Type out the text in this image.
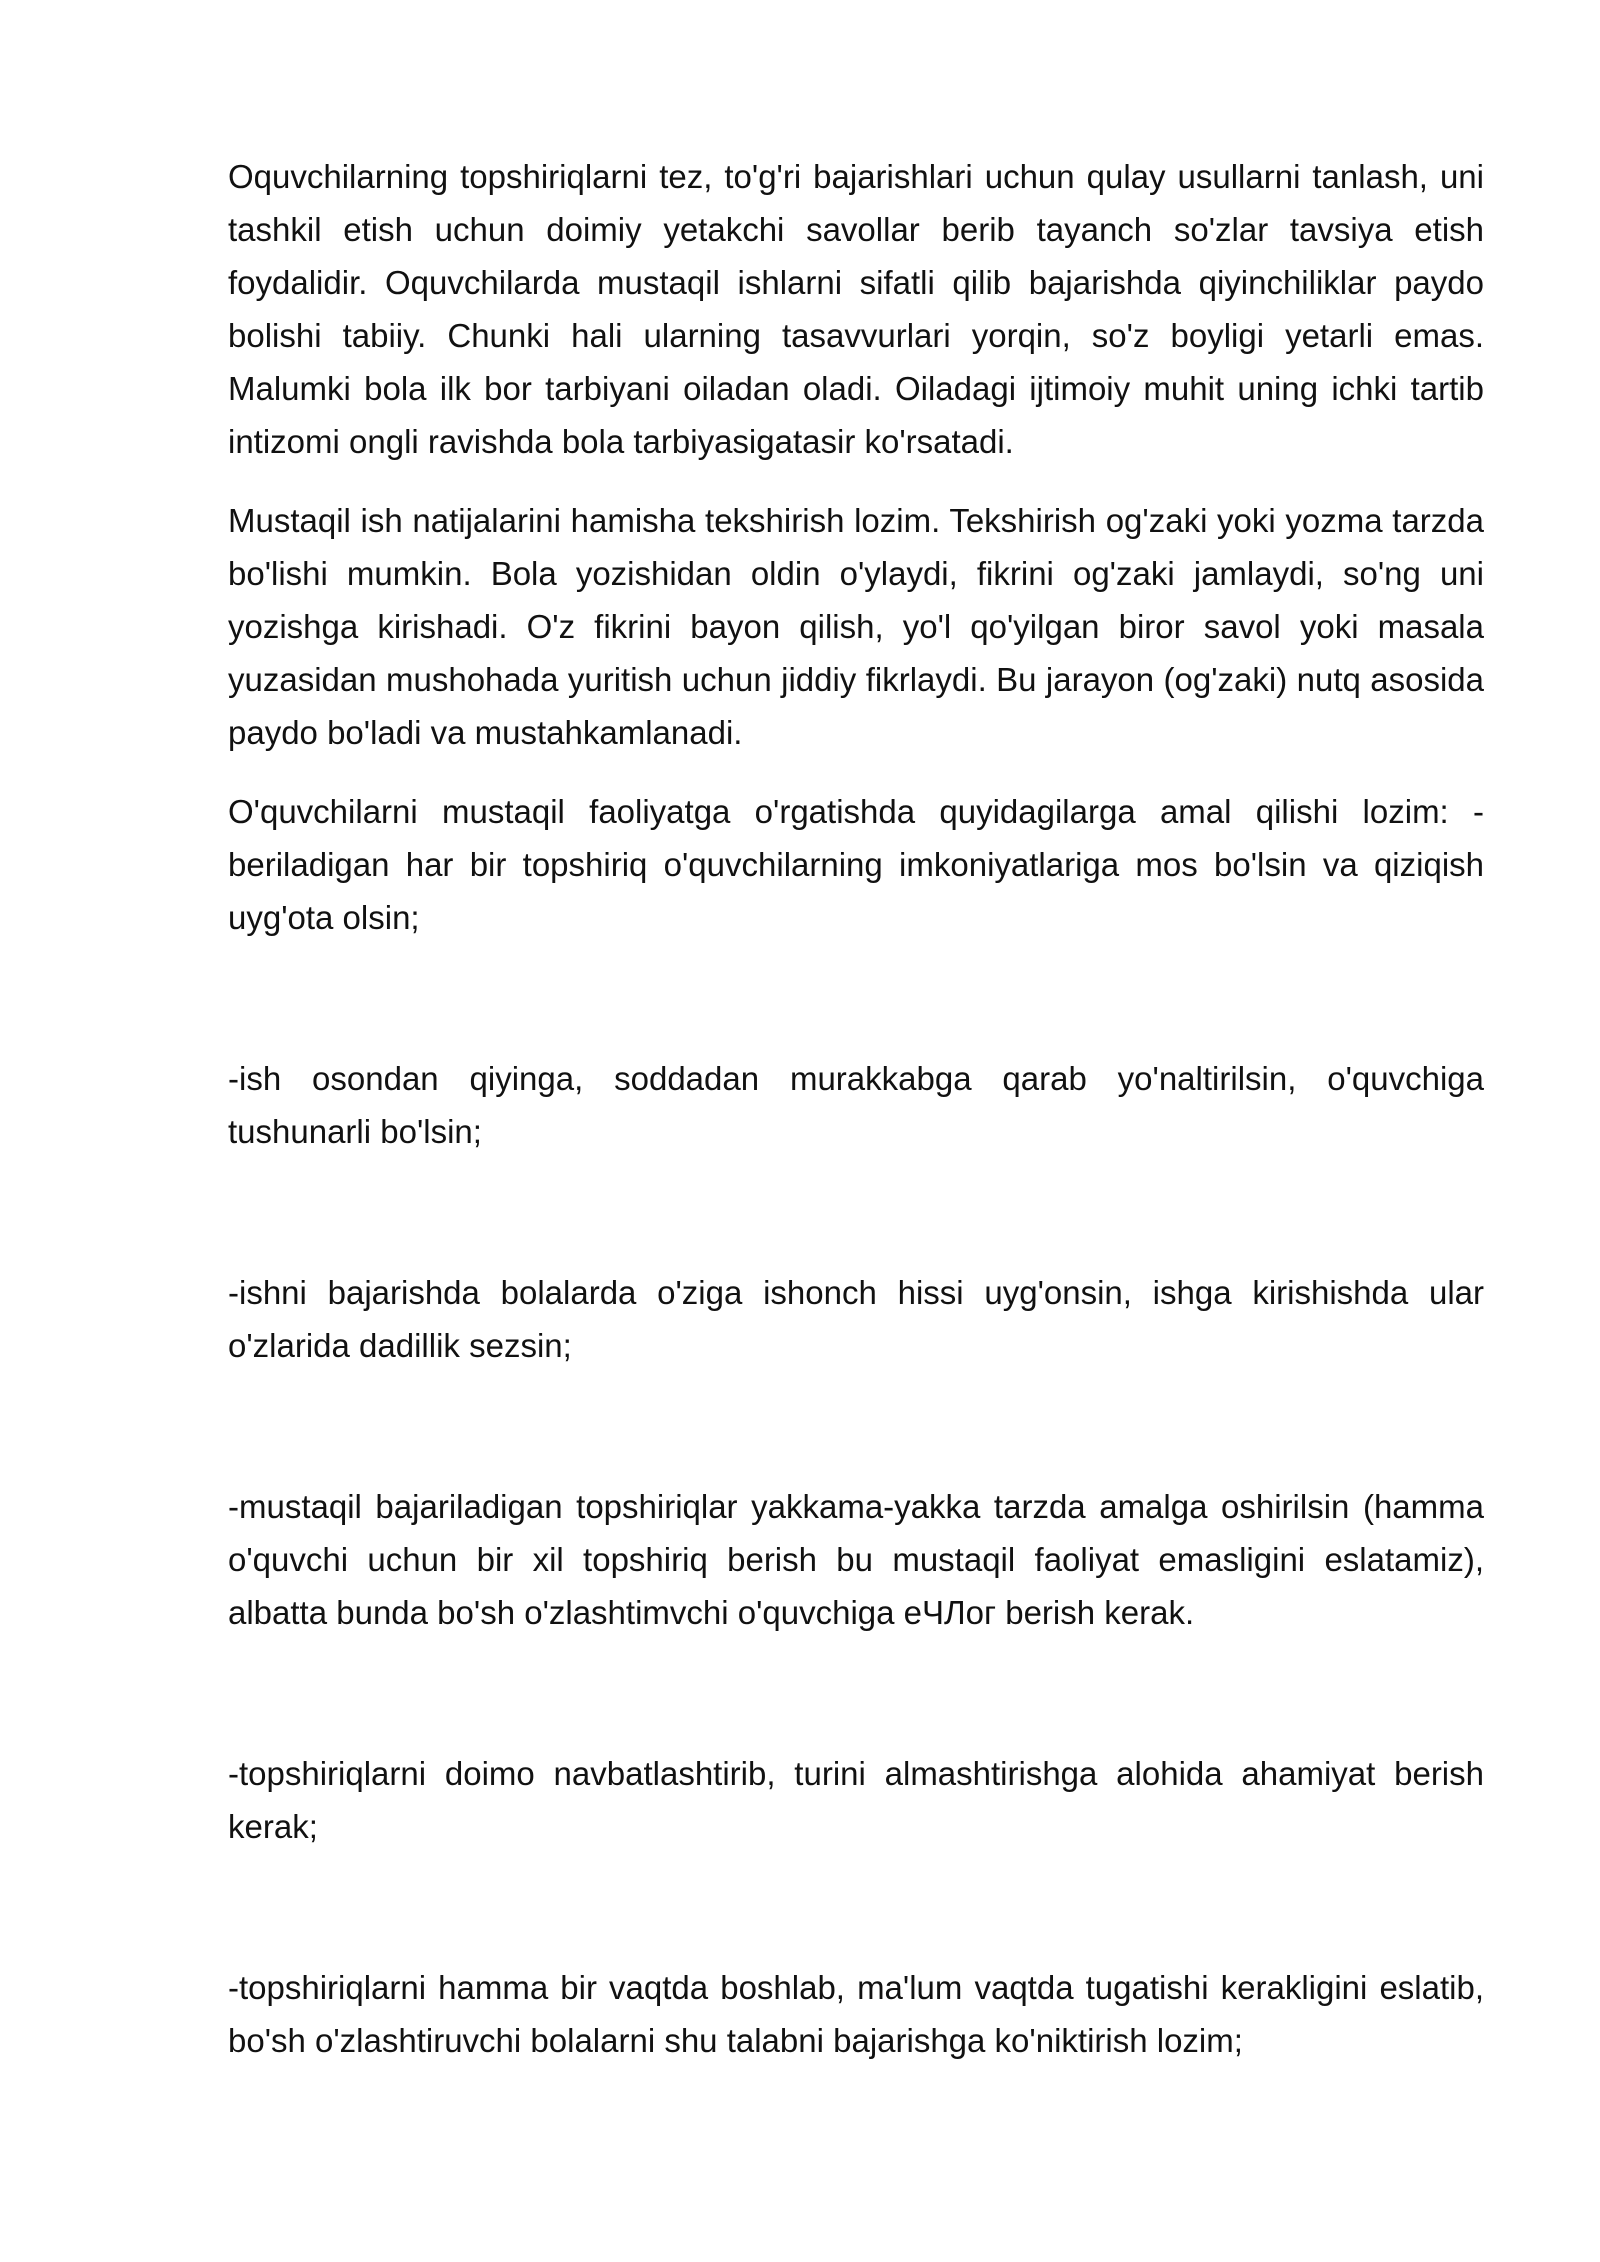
Oquvchilarning topshiriqlarni tez, to'g'ri bajarishlari uchun qulay usullarni tanlash, uni tashkil etish uchun doimiy yetakchi savollar berib tayanch so'zlar tavsiya etish foydalidir. Oquvchilarda mustaqil ishlarni sifatli qilib bajarishda qiyinchiliklar paydo bolishi tabiiy. Chunki hali ularning tasavvurlari yorqin, so'z boyligi yetarli emas. Malumki bola ilk bor tarbiyani oiladan oladi. Oiladagi ijtimoiy muhit uning ichki tartib intizomi ongli ravishda bola tarbiyasigatasir ko'rsatadi.

Mustaqil ish natijalarini hamisha tekshirish lozim. Tekshirish og'zaki yoki yozma tarzda bo'lishi mumkin. Bola yozishidan oldin o'ylaydi, fikrini og'zaki jamlaydi, so'ng uni yozishga kirishadi. O'z fikrini bayon qilish, yo'l qo'yilgan biror savol yoki masala yuzasidan mushohada yuritish uchun jiddiy fikrlaydi. Bu jarayon (og'zaki) nutq asosida paydo bo'ladi va mustahkamlanadi.

O'quvchilarni mustaqil faoliyatga o'rgatishda quyidagilarga amal qilishi lozim: -beriladigan har bir topshiriq o'quvchilarning imkoniyatlariga mos bo'lsin va qiziqish uyg'ota olsin;

-ish osondan qiyinga, soddadan murakkabga qarab yo'naltirilsin, o'quvchiga tushunarli bo'lsin;

-ishni bajarishda bolalarda o'ziga ishonch hissi uyg'onsin, ishga kirishishda ular o'zlarida dadillik sezsin;

-mustaqil bajariladigan topshiriqlar yakkama-yakka tarzda amalga oshirilsin (hamma o'quvchi uchun bir xil topshiriq berish bu mustaqil faoliyat emasligini eslatamiz), albatta bunda bo'sh o'zlashtimvchi o'quvchiga еЧЛог berish kerak.

-topshiriqlarni doimo navbatlashtirib, turini almashtirishga alohida ahamiyat berish kerak;

-topshiriqlarni hamma bir vaqtda boshlab, ma'lum vaqtda tugatishi kerakligini eslatib, bo'sh o'zlashtiruvchi bolalarni shu talabni bajarishga ko'niktirish lozim;
